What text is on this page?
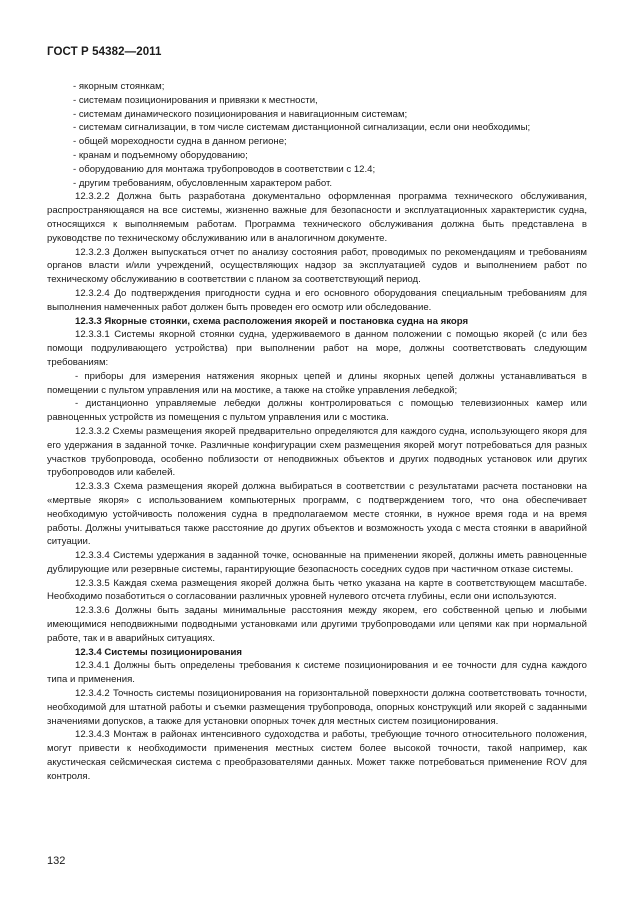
ГОСТ Р 54382—2011

- якорным стоянкам;

- системам позиционирования и привязки к местности,

- системам динамического позиционирования и навигационным системам;

- системам сигнализации, в том числе системам дистанционной сигнализации, если они необходимы;

- общей мореходности судна в данном регионе;

- кранам и подъемному оборудованию;

- оборудованию для монтажа трубопроводов в соответствии с 12.4;

- другим требованиям, обусловленным характером работ.

12.3.2.2 Должна быть разработана документально оформленная программа технического обслуживания, распространяющаяся на все системы, жизненно важные для безопасности и эксплуатационных характеристик судна, относящихся к выполняемым работам. Программа технического обслуживания должна быть представлена в руководстве по техническому обслуживанию или в аналогичном документе.

12.3.2.3 Должен выпускаться отчет по анализу состояния работ, проводимых по рекомендациям и требованиям органов власти и/или учреждений, осуществляющих надзор за эксплуатацией судов и выполнением работ по техническому обслуживанию в соответствии с планом за соответствующий период.

12.3.2.4 До подтверждения пригодности судна и его основного оборудования специальным требованиям для выполнения намеченных работ должен быть проведен его осмотр или обследование.

12.3.3 Якорные стоянки, схема расположения якорей и постановка судна на якоря

12.3.3.1 Системы якорной стоянки судна, удерживаемого в данном положении с помощью якорей (с или без помощи подруливающего устройства) при выполнении работ на море, должны соответствовать следующим требованиям:

- приборы для измерения натяжения якорных цепей и длины якорных цепей должны устанавливаться в помещении с пультом управления или на мостике, а также на стойке управления лебедкой;

- дистанционно управляемые лебедки должны контролироваться с помощью телевизионных камер или равноценных устройств из помещения с пультом управления или с мостика.

12.3.3.2 Схемы размещения якорей предварительно определяются для каждого судна, использующего якоря для его удержания в заданной точке. Различные конфигурации схем размещения якорей могут потребоваться для разных участков трубопровода, особенно поблизости от неподвижных объектов и других подводных установок или других трубопроводов или кабелей.

12.3.3.3 Схема размещения якорей должна выбираться в соответствии с результатами расчета постановки на «мертвые якоря» с использованием компьютерных программ, с подтверждением того, что она обеспечивает необходимую устойчивость положения судна в предполагаемом месте стоянки, в нужное время года и на время работы. Должны учитываться также расстояние до других объектов и возможность ухода с места стоянки в аварийной ситуации.

12.3.3.4 Системы удержания в заданной точке, основанные на применении якорей, должны иметь равноценные дублирующие или резервные системы, гарантирующие безопасность соседних судов при частичном отказе системы.

12.3.3.5 Каждая схема размещения якорей должна быть четко указана на карте в соответствующем масштабе. Необходимо позаботиться о согласовании различных уровней нулевого отсчета глубины, если они используются.

12.3.3.6 Должны быть заданы минимальные расстояния между якорем, его собственной цепью и любыми имеющимися неподвижными подводными установками или другими трубопроводами или цепями как при нормальной работе, так и в аварийных ситуациях.

12.3.4 Системы позиционирования

12.3.4.1 Должны быть определены требования к системе позиционирования и ее точности для судна каждого типа и применения.

12.3.4.2 Точность системы позиционирования на горизонтальной поверхности должна соответствовать точности, необходимой для штатной работы и съемки размещения трубопровода, опорных конструкций или якорей с заданными значениями допусков, а также для установки опорных точек для местных систем позиционирования.

12.3.4.3 Монтаж в районах интенсивного судоходства и работы, требующие точного относительного положения, могут привести к необходимости применения местных систем более высокой точности, такой например, как акустическая сейсмическая система с преобразователями данных. Может также потребоваться применение ROV для контроля.

132
